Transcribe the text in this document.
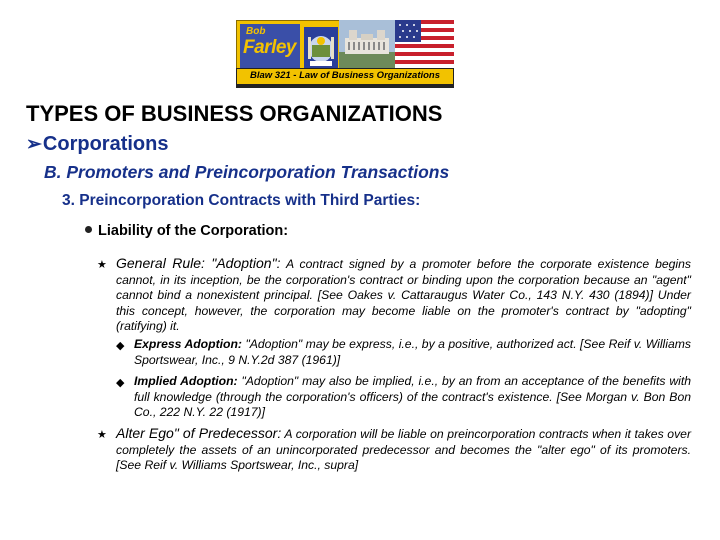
Bob
Farley
Blaw 321 - Law of Business Organizations
TYPES OF BUSINESS ORGANIZATIONS
➢Corporations
B. Promoters and Preincorporation Transactions
3. Preincorporation Contracts with Third Parties:
Liability of the Corporation:
★ General Rule: "Adoption": A contract signed by a promoter before the corporate existence begins cannot, in its inception, be the corporation's contract or binding upon the corporation because an "agent" cannot bind a nonexistent principal. [See Oakes v. Cattaraugus Water Co., 143 N.Y. 430 (1894)] Under this concept, however, the corporation may become liable on the promoter's contract by "adopting" (ratifying) it.
◆ Express Adoption: "Adoption" may be express, i.e., by a positive, authorized act. [See Reif v. Williams Sportswear, Inc., 9 N.Y.2d 387 (1961)]
◆ Implied Adoption: "Adoption" may also be implied, i.e., by an from an acceptance of the benefits with full knowledge (through the corporation's officers) of the contract's existence. [See Morgan v. Bon Bon Co., 222 N.Y. 22 (1917)]
★ Alter Ego" of Predecessor: A corporation will be liable on preincorporation contracts when it takes over completely the assets of an unincorporated predecessor and becomes the "alter ego" of its promoters. [See Reif v. Williams Sportswear, Inc., supra]
